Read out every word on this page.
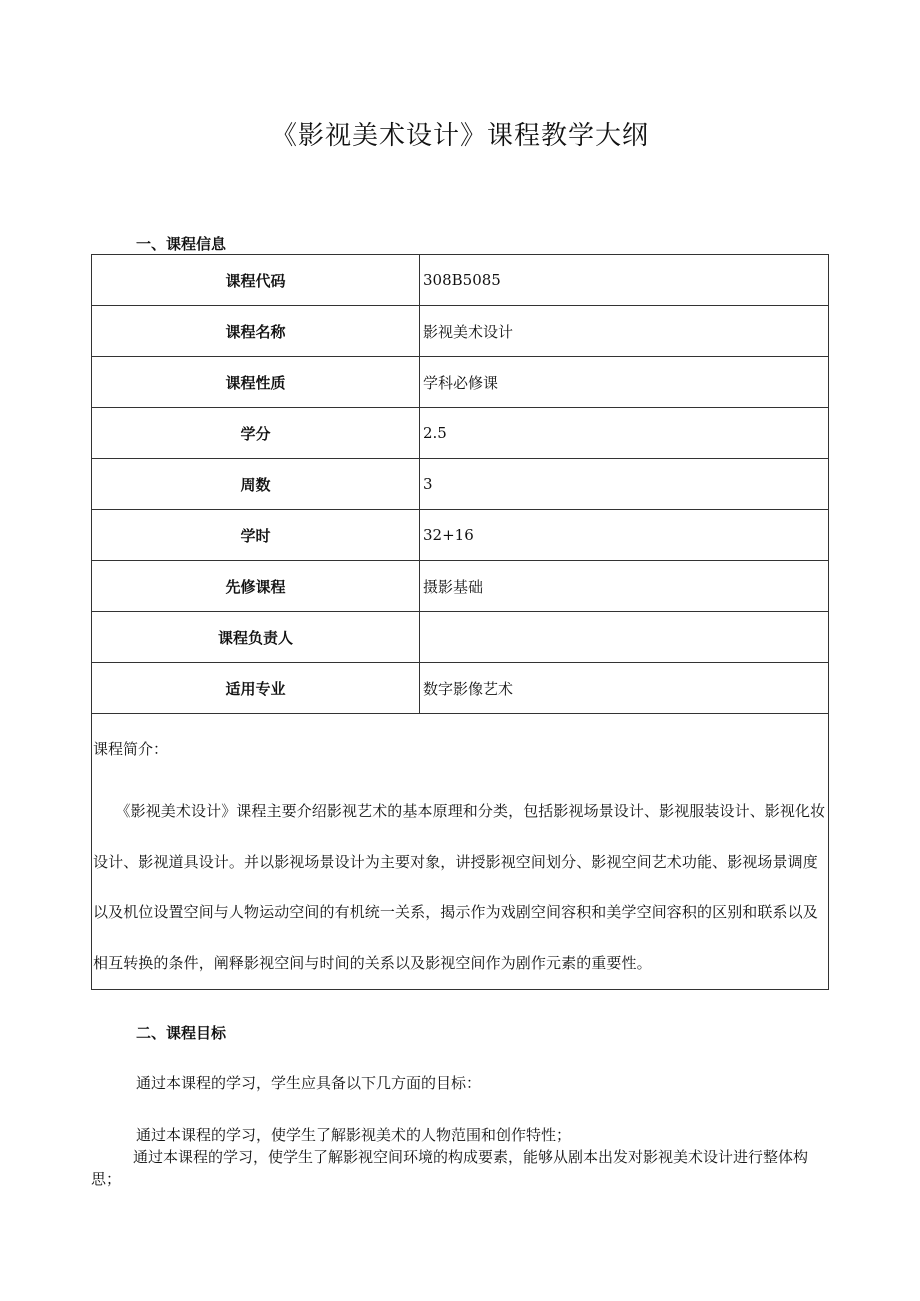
《影视美术设计》课程教学大纲
一、课程信息
课程代码	308B5085
课程名称	影视美术设计
课程性质	学科必修课
学分	2.5
周数	3
学时	32+16
先修课程	摄影基础
课程负责人	
适用专业	数字影像艺术

课程简介：
《影视美术设计》课程主要介绍影视艺术的基本原理和分类，包括影视场景设计、影视服装设计、影视化妆设计、影视道具设计。并以影视场景设计为主要对象，讲授影视空间划分、影视空间艺术功能、影视场景调度以及机位设置空间与人物运动空间的有机统一关系，揭示作为戏剧空间容积和美学空间容积的区别和联系以及相互转换的条件，阐释影视空间与时间的关系以及影视空间作为剧作元素的重要性。	
二、课程目标
通过本课程的学习，学生应具备以下几方面的目标：
通过本课程的学习，使学生了解影视美术的人物范围和创作特性；
通过本课程的学习，使学生了解影视空间环境的构成要素，能够从剧本出发对影视美术设计进行整体构思；
